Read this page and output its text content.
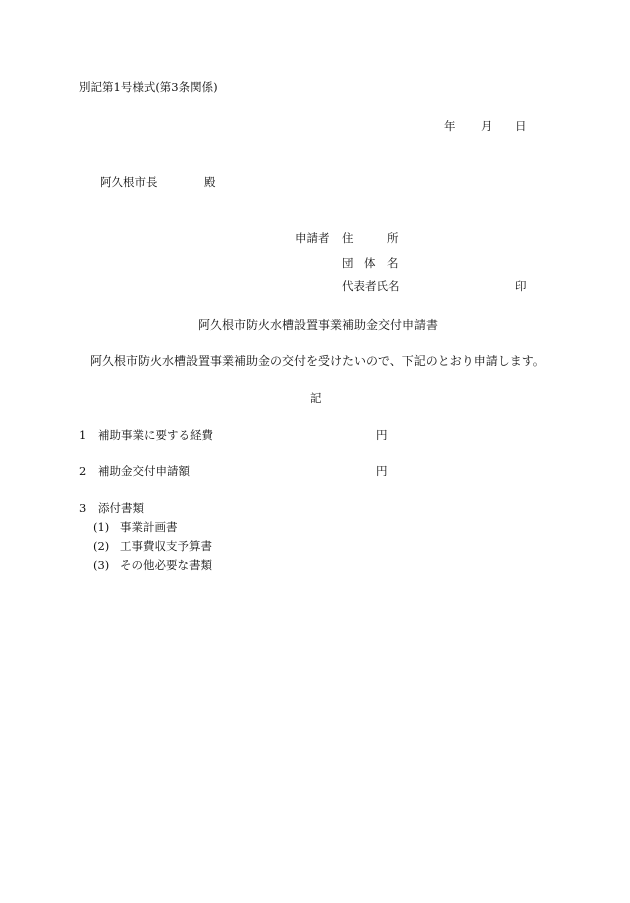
別記第1号様式(第3条関係)
年 月 日
阿久根市長	殿
申請者 住	所
団 体 名
代表者氏名	印
阿久根市防火水槽設置事業補助金交付申請書
阿久根市防火水槽設置事業補助金の交付を受けたいので、下記のとおり申請します。
記
1 補助事業に要する経費	円
2 補助金交付申請額	円
3 添付書類
(1) 事業計画書
(2) 工事費収支予算書
(3) その他必要な書類
